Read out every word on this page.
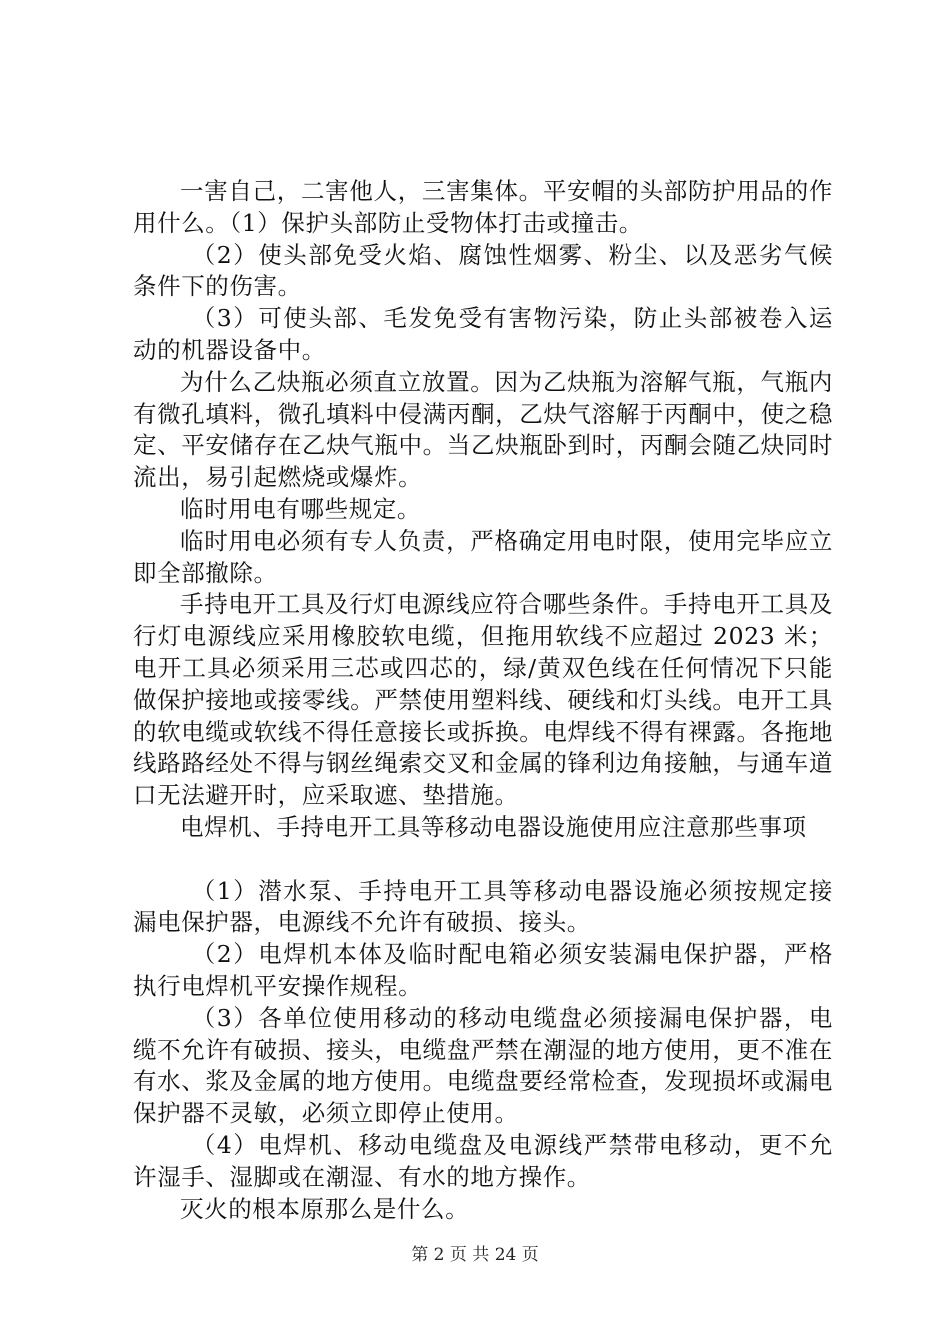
一害自己，二害他人，三害集体。平安帽的头部防护用品的作用什么。（1）保护头部防止受物体打击或撞击。

（2）使头部免受火焰、腐蚀性烟雾、粉尘、以及恶劣气候条件下的伤害。

（3）可使头部、毛发免受有害物污染，防止头部被卷入运动的机器设备中。

为什么乙炔瓶必须直立放置。因为乙炔瓶为溶解气瓶，气瓶内有微孔填料，微孔填料中侵满丙酮，乙炔气溶解于丙酮中，使之稳定、平安储存在乙炔气瓶中。当乙炔瓶卧到时，丙酮会随乙炔同时流出，易引起燃烧或爆炸。

临时用电有哪些规定。

临时用电必须有专人负责，严格确定用电时限，使用完毕应立即全部撤除。

手持电开工具及行灯电源线应符合哪些条件。手持电开工具及行灯电源线应采用橡胶软电缆，但拖用软线不应超过 2023 米；电开工具必须采用三芯或四芯的，绿/黄双色线在任何情况下只能做保护接地或接零线。严禁使用塑料线、硬线和灯头线。电开工具的软电缆或软线不得任意接长或拆换。电焊线不得有裸露。各拖地线路路经处不得与钢丝绳索交叉和金属的锋利边角接触，与通车道口无法避开时，应采取遮、垫措施。

电焊机、手持电开工具等移动电器设施使用应注意那些事项

（1）潜水泵、手持电开工具等移动电器设施必须按规定接漏电保护器，电源线不允许有破损、接头。

（2）电焊机本体及临时配电箱必须安装漏电保护器，严格执行电焊机平安操作规程。

（3）各单位使用移动的移动电缆盘必须接漏电保护器，电缆不允许有破损、接头，电缆盘严禁在潮湿的地方使用，更不准在有水、浆及金属的地方使用。电缆盘要经常检查，发现损坏或漏电保护器不灵敏，必须立即停止使用。

（4）电焊机、移动电缆盘及电源线严禁带电移动，更不允许湿手、湿脚或在潮湿、有水的地方操作。

灭火的根本原那么是什么。

第 2 页 共 24 页
